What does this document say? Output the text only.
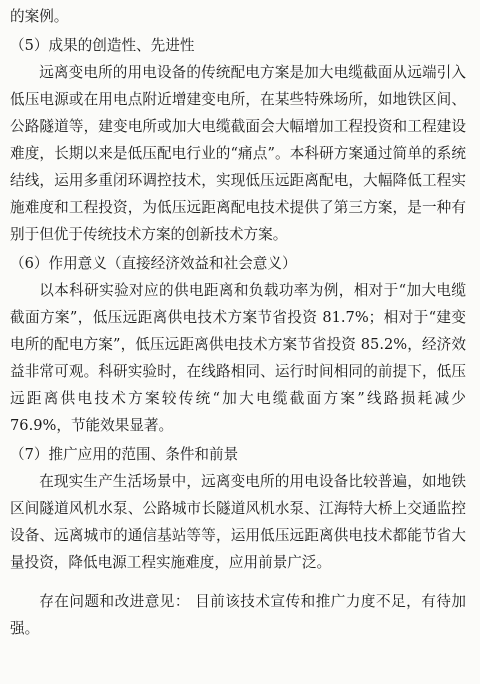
的案例。

（5）成果的创造性、先进性

远离变电所的用电设备的传统配电方案是加大电缆截面从远端引入低压电源或在用电点附近增建变电所，在某些特殊场所，如地铁区间、公路隧道等，建变电所或加大电缆截面会大幅增加工程投资和工程建设难度，长期以来是低压配电行业的“痛点”。本科研方案通过简单的系统结线，运用多重闭环调控技术，实现低压远距离配电，大幅降低工程实施难度和工程投资，为低压远距离配电技术提供了第三方案，是一种有别于但优于传统技术方案的创新技术方案。

（6）作用意义（直接经济效益和社会意义）

以本科研实验对应的供电距离和负载功率为例，相对于“加大电缆截面方案”，低压远距离供电技术方案节省投资 81.7%；相对于“建变电所的配电方案”，低压远距离供电技术方案节省投资 85.2%，经济效益非常可观。科研实验时，在线路相同、运行时间相同的前提下，低压远距离供电技术方案较传统“加大电缆截面方案”线路损耗减少 76.9%，节能效果显著。

（7）推广应用的范围、条件和前景

在现实生产生活场景中，远离变电所的用电设备比较普遍，如地铁区间隧道风机水泵、公路城市长隧道风机水泵、江海特大桥上交通监控设备、远离城市的通信基站等等，运用低压远距离供电技术都能节省大量投资，降低电源工程实施难度，应用前景广泛。

存在问题和改进意见： 目前该技术宣传和推广力度不足，有待加强。
